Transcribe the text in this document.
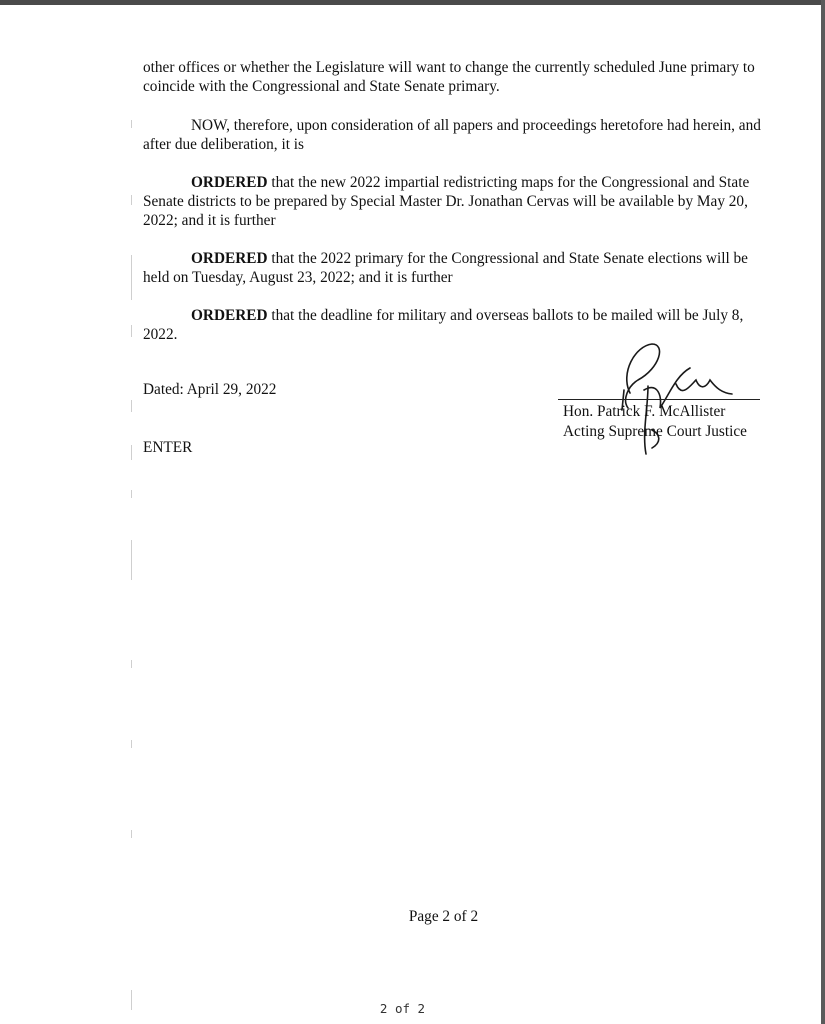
other offices or whether the Legislature will want to change the currently scheduled June primary to coincide with the Congressional and State Senate primary.

NOW, therefore, upon consideration of all papers and proceedings heretofore had herein, and after due deliberation, it is

ORDERED that the new 2022 impartial redistricting maps for the Congressional and State Senate districts to be prepared by Special Master Dr. Jonathan Cervas will be available by May 20, 2022; and it is further

ORDERED that the 2022 primary for the Congressional and State Senate elections will be held on Tuesday, August 23, 2022; and it is further

ORDERED that the deadline for military and overseas ballots to be mailed will be July 8, 2022.

Dated: April 29, 2022
Hon. Patrick F. McAllister
Acting Supreme Court Justice
ENTER
Page 2 of 2
2 of 2
